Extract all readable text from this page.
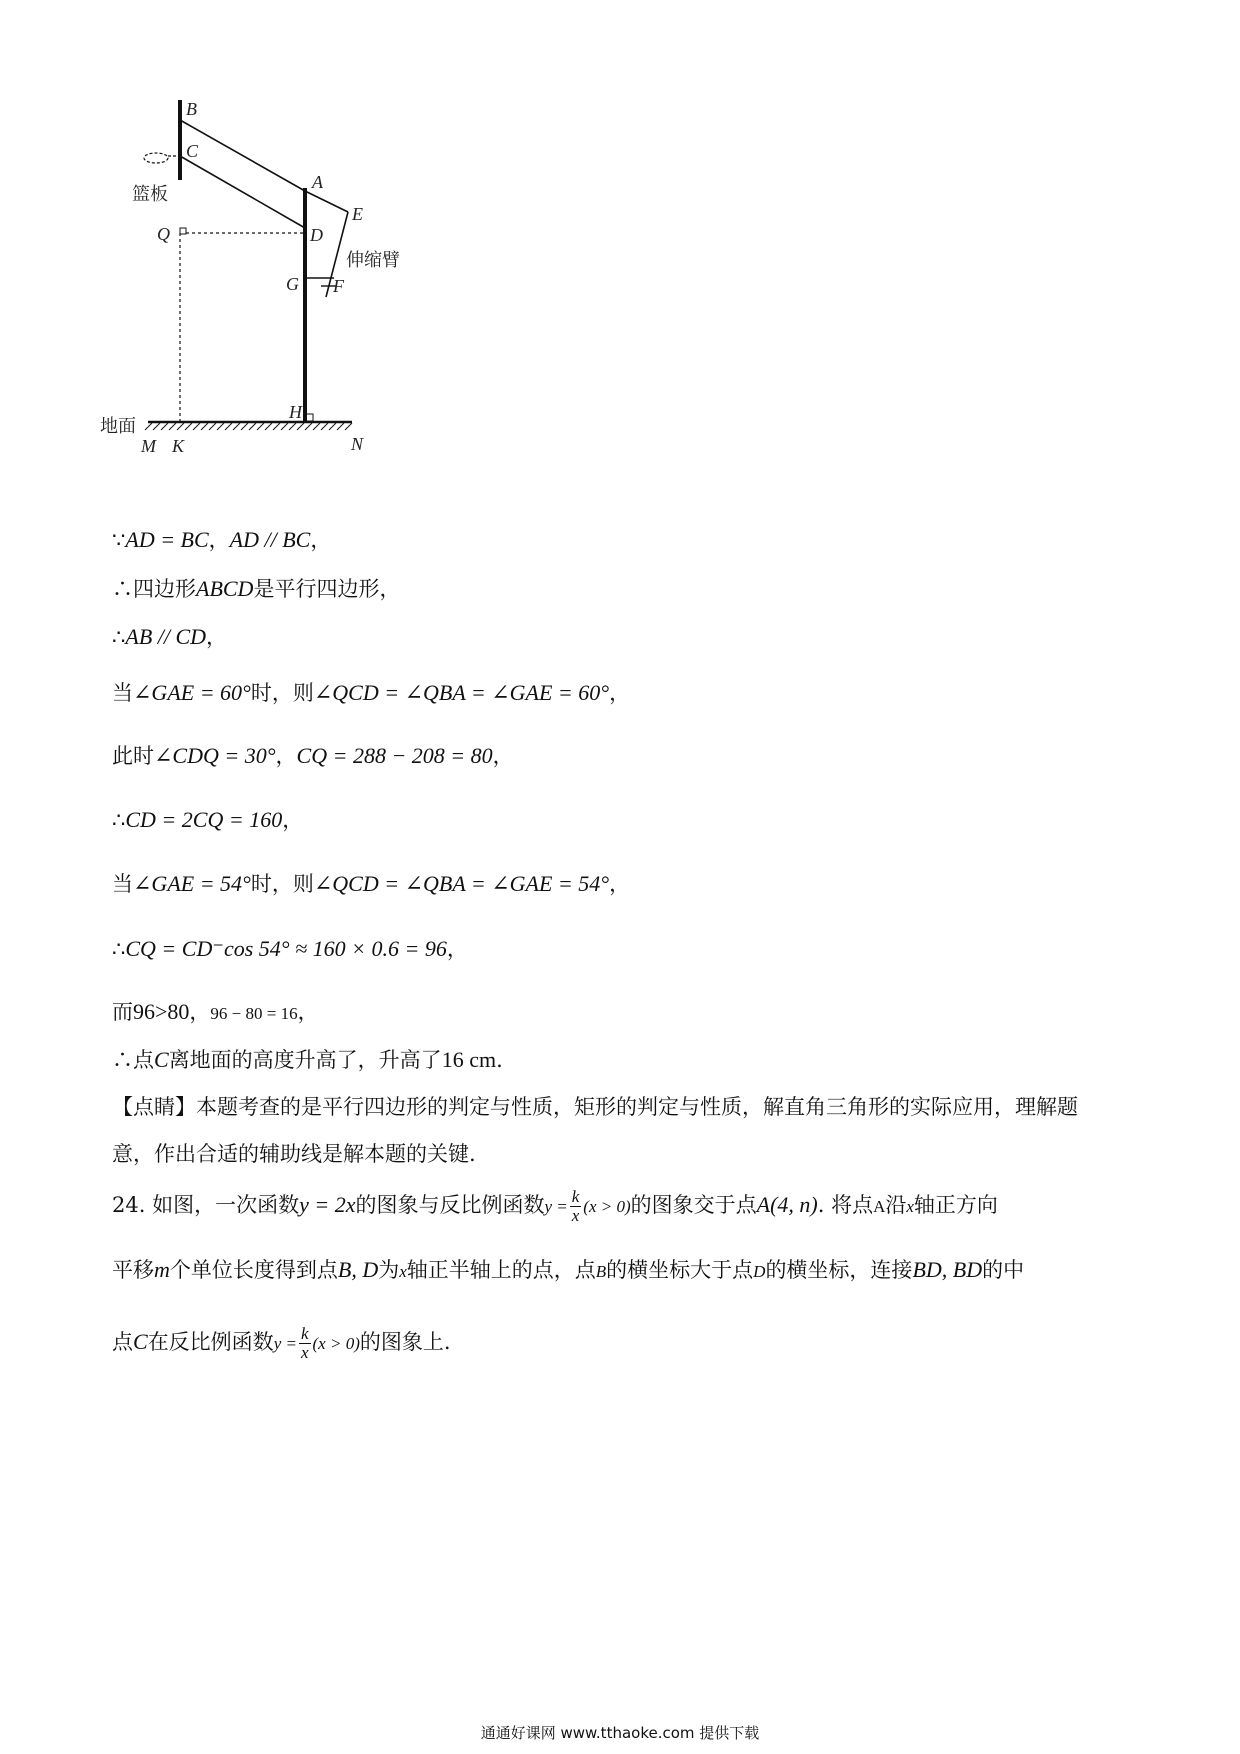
B
C
A
E
Q	D
G F
H
M K	N
篮板
伸缩臂
地面
∵AD = BC，AD // BC，
∴四边形ABCD是平行四边形，
∴AB // CD，
当∠GAE = 60°时，则∠QCD = ∠QBA = ∠GAE = 60°，
此时∠CDQ = 30°，CQ = 288 − 208 = 80，
∴CD = 2CQ = 160，
当∠GAE = 54°时，则∠QCD = ∠QBA = ∠GAE = 54°，
∴CQ = CD⁻cos 54° ≈ 160 × 0.6 = 96，
而96>80，96 − 80 = 16，
∴点C离地面的高度升高了，升高了16 cm.
【点睛】本题考查的是平行四边形的判定与性质，矩形的判定与性质，解直角三角形的实际应用，理解题
意，作出合适的辅助线是解本题的关键.
24. 如图，一次函数y = 2x的图象与反比例函数$y = \frac{k}{x} (x > 0)$的图象交于点A(4, n). 将点A沿x轴正方向
平移m个单位长度得到点B, D为x轴正半轴上的点，点B的横坐标大于点D的横坐标，连接BD, BD的中
点C在反比例函数$y = \frac{k}{x} (x > 0)$的图象上.
通通好课网 www.tthaoke.com 提供下载
